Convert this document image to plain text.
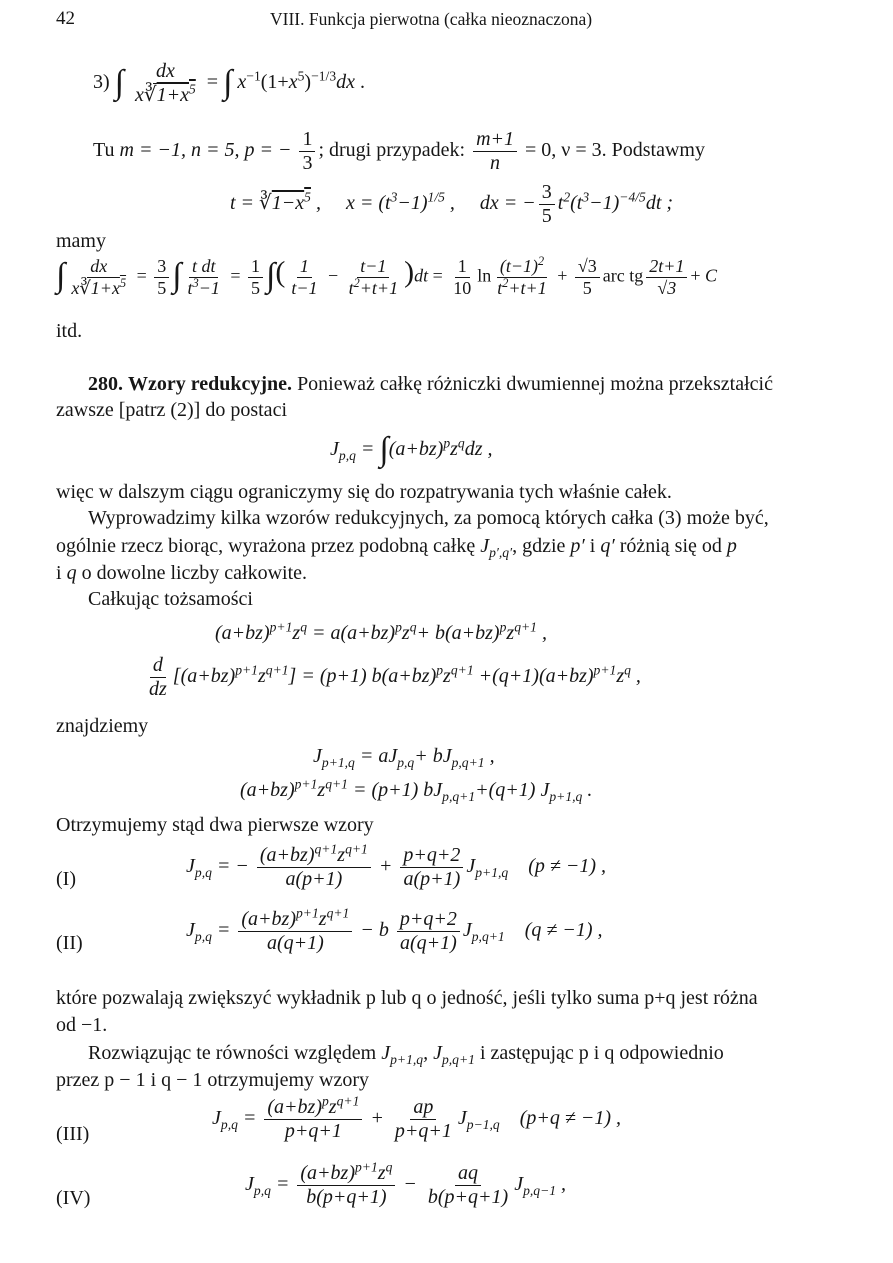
42	VIII. Funkcja pierwotna (całka nieoznaczona)
3) ∫ $\frac{dx}{x∛1+x^5}$ = ∫ $x^{-1}(1+x^5)^{-1/3}dx$ .
Tu m = −1, n = 5, p = − $\frac{1}{3}$ ; drugi przypadek: $\frac{m+1}{n} = 0$, ν = 3. Podstawmy
$t = ∛1-x^5$ ,     $x = (t^3-1)^{1/5}$ ,     dx = − $\frac{3}{5} t^2(t^3-1)^{-4/5}dt$ ;
mamy
∫ $\frac{dx}{x∛1+x^5} = \frac{3}{5}$ ∫ $\frac{\text{t dt}}{t^3-1} = \frac{1}{5}$ ∫( $\frac{1}{t-1} - \frac{t-1}{t^2+t+1} )dt = \frac{1}{10}$ $\ln \frac{(t-1)^2}{t^2+t+1} + \frac{√3}{5}$ arc tg $\frac{2t+1}{√3} + C$
itd.
280. Wzory redukcyjne. Ponieważ całkę różniczki dwumiennej można przekształcić
zawsze [patrz (2)] do postaci
$J_{p,q} = \int(a+bz)^pz^qdz$ ,
więc w dalszym ciągu ograniczymy się do rozpatrywania tych właśnie całek.
Wyprowadzimy kilka wzorów redukcyjnych, za pomocą których całka (3) może być,
ogólnie rzecz biorąc, wyrażona przez podobną całkę $J_{p',q'}$, gdzie p′ i q′ różnią się od p
i q o dowolne liczby całkowite.
Całkując tożsamości
$(a+bz)^{p+1}z^q = a(a+bz)^pz^q+ b(a+bz)^pz^{q+1}$ ,
$\frac{d}{dz} [(a+bz)^{p+1}z^{q+1}] = (p+1)$ $b(a+bz)^pz^{q+1} +(q+1)(a+bz)^{p+1}z^q$ ,
znajdziemy
$J_{p+1,q} = aJ_{p,q}+ bJ_{p,q+1}$ ,
$(a+bz)^{p+1}z^{q+1} = (p+1)$ $bJ_{p,q+1}+(q+1)$ $J_{p+1,q}$ .
Otrzymujemy stąd dwa pierwsze wzory
(I)
$J_{p,q}$ = − $\frac{(a+bz)^{q+1}z^{q+1}}{a(p+1)} + \frac{p+q+2}{a(p+1)} J_{p+1,q}$    (p ≠ −1) ,
(II)
$J_{p,q} = \frac{(a+bz)^{p+1}z^{q+1}}{a(q+1)} - b \frac{p+q+2}{a(q+1)} J_{p,q+1}$    (q ≠ −1) ,
które pozwalają zwiększyć wykładnik p lub q o jedność, jeśli tylko suma p+q jest różna
od −1.
Rozwiązując te równości względem $J_{p+1,q}$, $J_{p,q+1}$ i zastępując p i q odpowiednio
przez p − 1 i q − 1 otrzymujemy wzory
(III)
$J_{p,q} = \frac{(a+bz)^pz^{q+1}}{p+q+1} + \frac{ap}{p+q+1} J_{p-1,q}$    (p+q ≠ −1) ,
(IV)
$J_{p,q} = \frac{(a+bz)^{p+1}z^q}{b(p+q+1)} - \frac{aq}{b(p+q+1)} J_{p,q-1}$ ,
